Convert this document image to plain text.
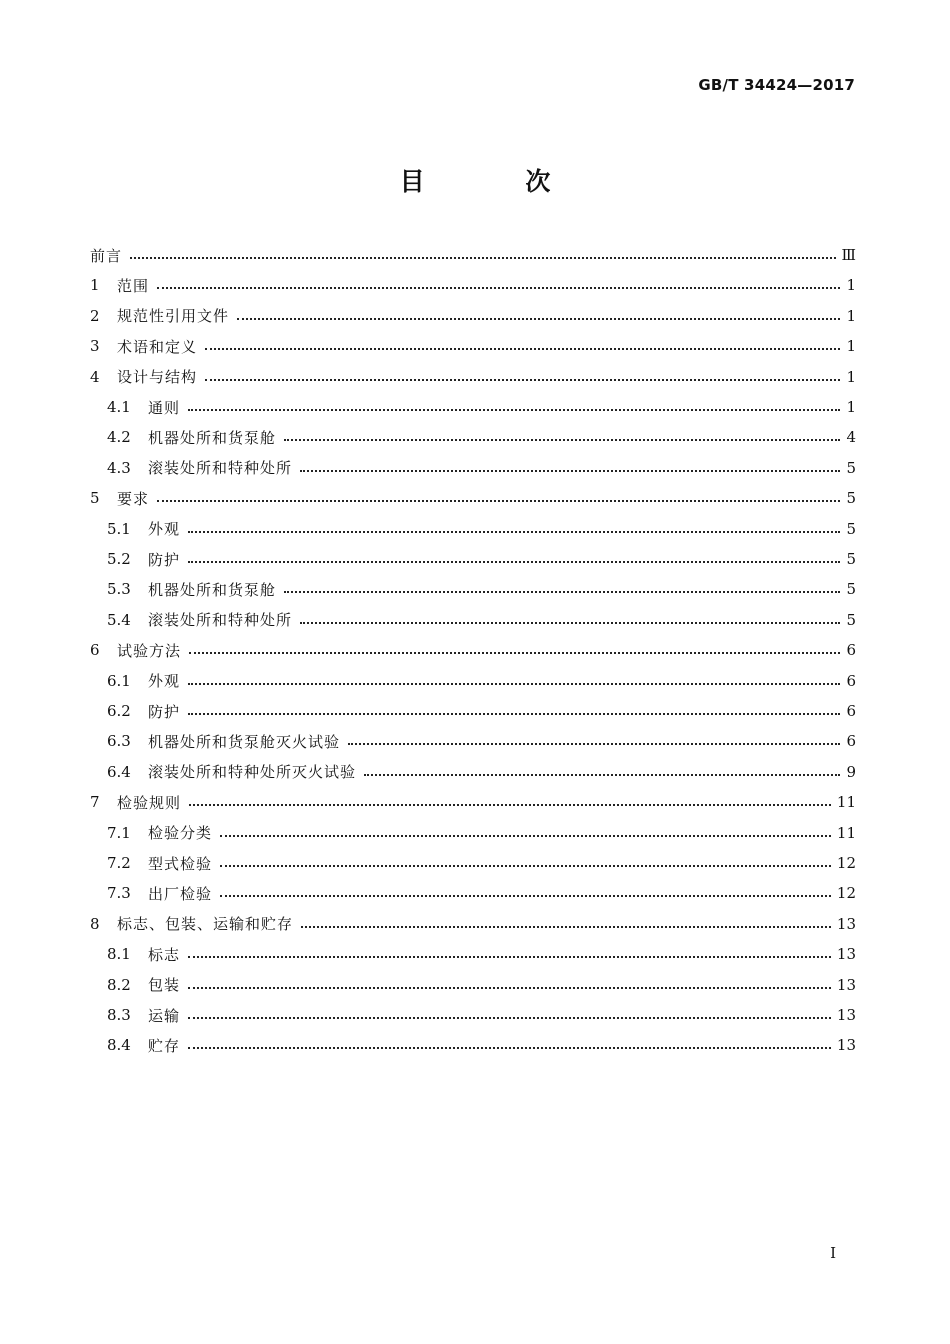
GB/T 34424—2017
目 次
前言	Ⅲ
1	范围	1
2	规范性引用文件	1
3	术语和定义	1
4	设计与结构	1
4.1	通则	1
4.2	机器处所和货泵舱	4
4.3	滚装处所和特种处所	5
5	要求	5
5.1	外观	5
5.2	防护	5
5.3	机器处所和货泵舱	5
5.4	滚装处所和特种处所	5
6	试验方法	6
6.1	外观	6
6.2	防护	6
6.3	机器处所和货泵舱灭火试验	6
6.4	滚装处所和特种处所灭火试验	9
7	检验规则	11
7.1	检验分类	11
7.2	型式检验	12
7.3	出厂检验	12
8	标志、包装、运输和贮存	13
8.1	标志	13
8.2	包装	13
8.3	运输	13
8.4	贮存	13
I
